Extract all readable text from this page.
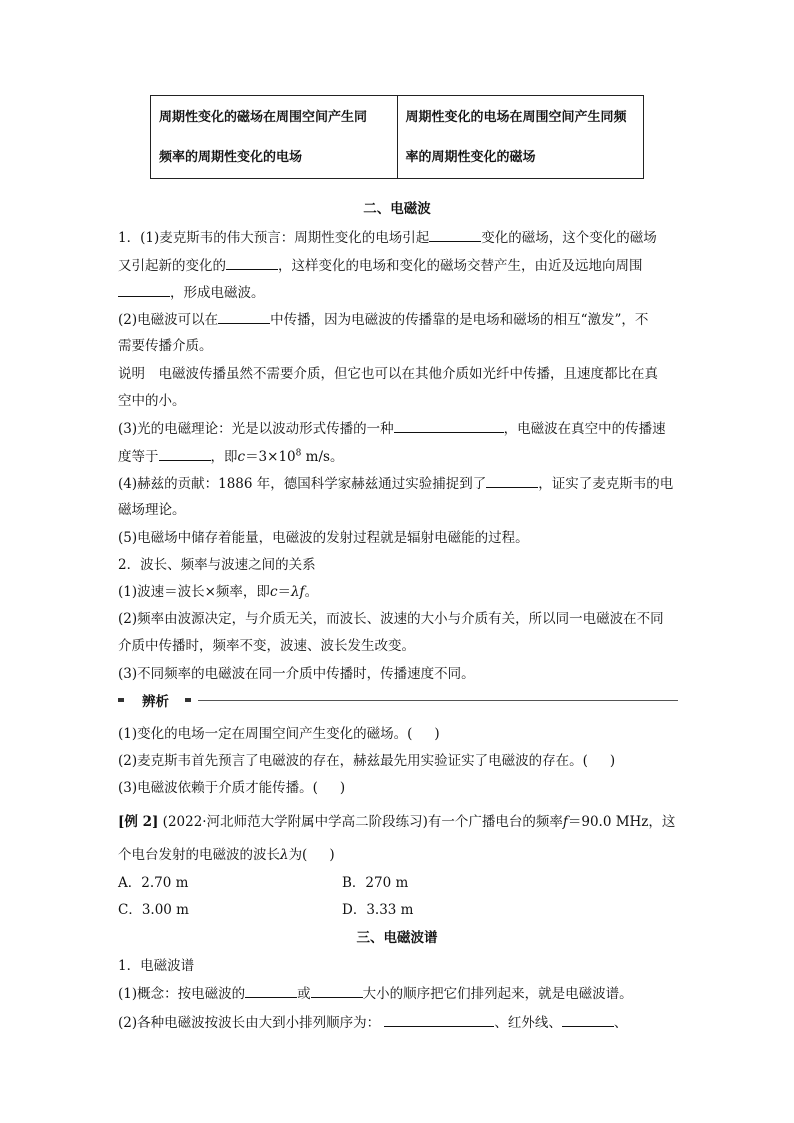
周期性变化的磁场在周围空间产生同
频率的周期性变化的电场

周期性变化的电场在周围空间产生同频
率的周期性变化的磁场
二、电磁波
1．(1)麦克斯韦的伟大预言：周期性变化的电场引起	变化的磁场，这个变化的磁场
又引起新的变化的	，这样变化的电场和变化的磁场交替产生，由近及远地向周围
，形成电磁波。
(2)电磁波可以在	中传播，因为电磁波的传播靠的是电场和磁场的相互“激发”，不
需要传播介质。
说明　电磁波传播虽然不需要介质，但它也可以在其他介质如光纤中传播，且速度都比在真
空中的小。
(3)光的电磁理论：光是以波动形式传播的一种	，电磁波在真空中的传播速
度等于	，即$c=3\times 10^8$ m/s。
(4)赫兹的贡献：1886 年，德国科学家赫兹通过实验捕捉到了	，证实了麦克斯韦的电
磁场理论。
(5)电磁场中储存着能量，电磁波的发射过程就是辐射电磁能的过程。
2．波长、频率与波速之间的关系
(1)波速＝波长×频率，即c＝λf。
(2)频率由波源决定，与介质无关，而波长、波速的大小与介质有关，所以同一电磁波在不同
介质中传播时，频率不变，波速、波长发生改变。
(3)不同频率的电磁波在同一介质中传播时，传播速度不同。
辨析
(1)变化的电场一定在周围空间产生变化的磁场。( )
(2)麦克斯韦首先预言了电磁波的存在，赫兹最先用实验证实了电磁波的存在。( )
(3)电磁波依赖于介质才能传播。( )
[例 2] (2022·河北师范大学附属中学高二阶段练习)有一个广播电台的频率f＝90.0 MHz，这
个电台发射的电磁波的波长λ为( )
A．2.70 m	B．270 m
C．3.00 m	D．3.33 m
三、电磁波谱
1．电磁波谱
(1)概念：按电磁波的	或	大小的顺序把它们排列起来，就是电磁波谱。
(2)各种电磁波按波长由大到小排列顺序为：	、红外线、	、
